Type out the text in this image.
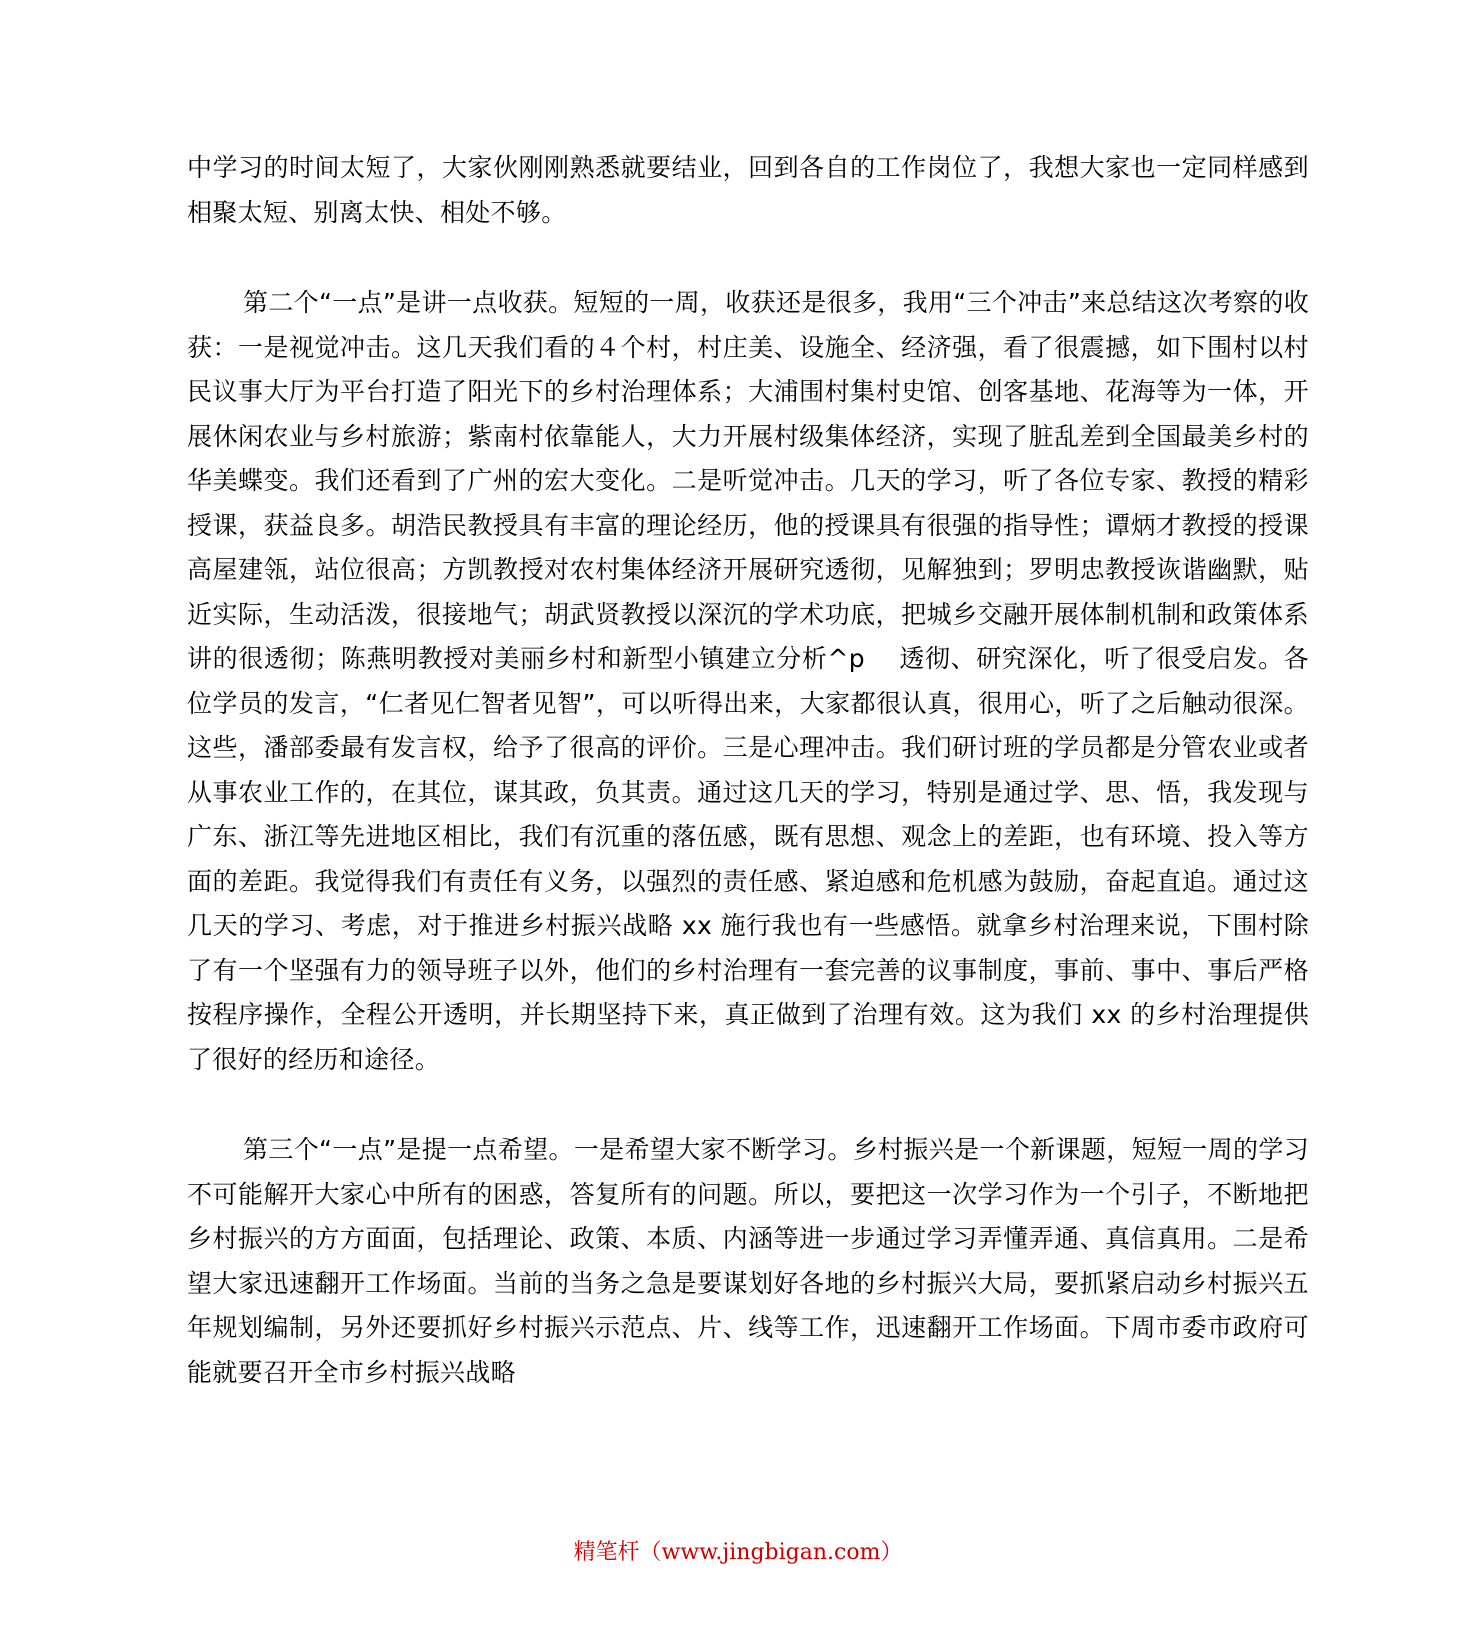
中学习的时间太短了，大家伙刚刚熟悉就要结业，回到各自的工作岗位了，我想大家也一定同样感到相聚太短、别离太快、相处不够。

第二个“一点”是讲一点收获。短短的一周，收获还是很多，我用“三个冲击”来总结这次考察的收获：一是视觉冲击。这几天我们看的４个村，村庄美、设施全、经济强，看了很震撼，如下围村以村民议事大厅为平台打造了阳光下的乡村治理体系；大浦围村集村史馆、创客基地、花海等为一体，开展休闲农业与乡村旅游；紫南村依靠能人，大力开展村级集体经济，实现了脏乱差到全国最美乡村的华美蝶变。我们还看到了广州的宏大变化。二是听觉冲击。几天的学习，听了各位专家、教授的精彩授课，获益良多。胡浩民教授具有丰富的理论经历，他的授课具有很强的指导性；谭炳才教授的授课高屋建瓴，站位很高；方凯教授对农村集体经济开展研究透彻，见解独到；罗明忠教授诙谐幽默，贴近实际，生动活泼，很接地气；胡武贤教授以深沉的学术功底，把城乡交融开展体制机制和政策体系讲的很透彻；陈燕明教授对美丽乡村和新型小镇建立分析^p　 透彻、研究深化，听了很受启发。各位学员的发言，“仁者见仁智者见智”，可以听得出来，大家都很认真，很用心，听了之后触动很深。这些，潘部委最有发言权，给予了很高的评价。三是心理冲击。我们研讨班的学员都是分管农业或者从事农业工作的，在其位，谋其政，负其责。通过这几天的学习，特别是通过学、思、悟，我发现与广东、浙江等先进地区相比，我们有沉重的落伍感，既有思想、观念上的差距，也有环境、投入等方面的差距。我觉得我们有责任有义务，以强烈的责任感、紧迫感和危机感为鼓励，奋起直追。通过这几天的学习、考虑，对于推进乡村振兴战略 xx 施行我也有一些感悟。就拿乡村治理来说，下围村除了有一个坚强有力的领导班子以外，他们的乡村治理有一套完善的议事制度，事前、事中、事后严格按程序操作，全程公开透明，并长期坚持下来，真正做到了治理有效。这为我们 xx 的乡村治理提供了很好的经历和途径。

第三个“一点”是提一点希望。一是希望大家不断学习。乡村振兴是一个新课题，短短一周的学习不可能解开大家心中所有的困惑，答复所有的问题。所以，要把这一次学习作为一个引子，不断地把乡村振兴的方方面面，包括理论、政策、本质、内涵等进一步通过学习弄懂弄通、真信真用。二是希望大家迅速翻开工作场面。当前的当务之急是要谋划好各地的乡村振兴大局，要抓紧启动乡村振兴五年规划编制，另外还要抓好乡村振兴示范点、片、线等工作，迅速翻开工作场面。下周市委市政府可能就要召开全市乡村振兴战略

精笔杆（www.jingbigan.com）
